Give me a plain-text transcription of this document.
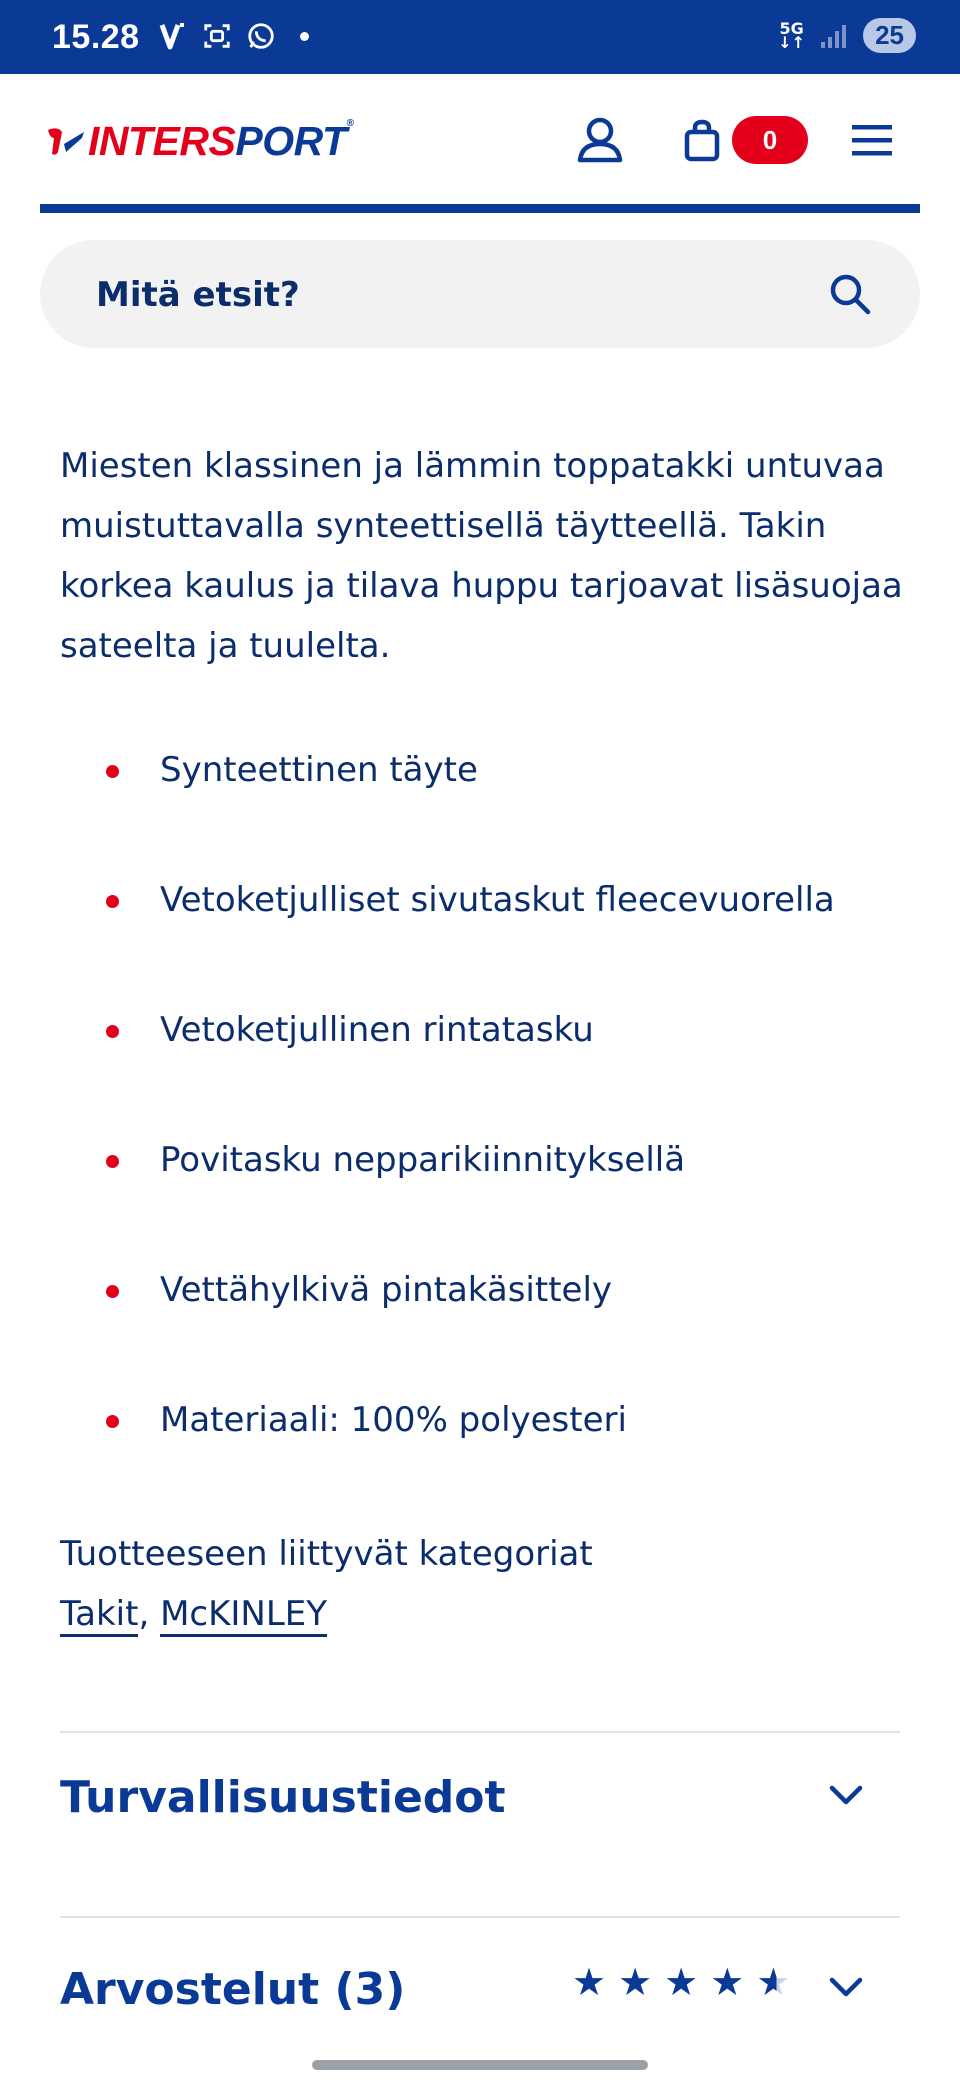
15.28	5G
↓↑	25
INTERSPORT®
0
Mitä etsit?
Miesten klassinen ja lämmin toppatakki untuvaa muistuttavalla synteettisellä täytteellä. Takin korkea kaulus ja tilava huppu tarjoavat lisäsuojaa sateelta ja tuulelta.
Synteettinen täyte
Vetoketjulliset sivutaskut fleecevuorella
Vetoketjullinen rintatasku
Povitasku nepparikiinnityksellä
Vettähylkivä pintakäsittely
Materiaali: 100% polyesteri
Tuotteeseen liittyvät kategoriat
Takit, McKINLEY
Turvallisuustiedot
Arvostelut (3)	★ ★ ★ ★ ★
